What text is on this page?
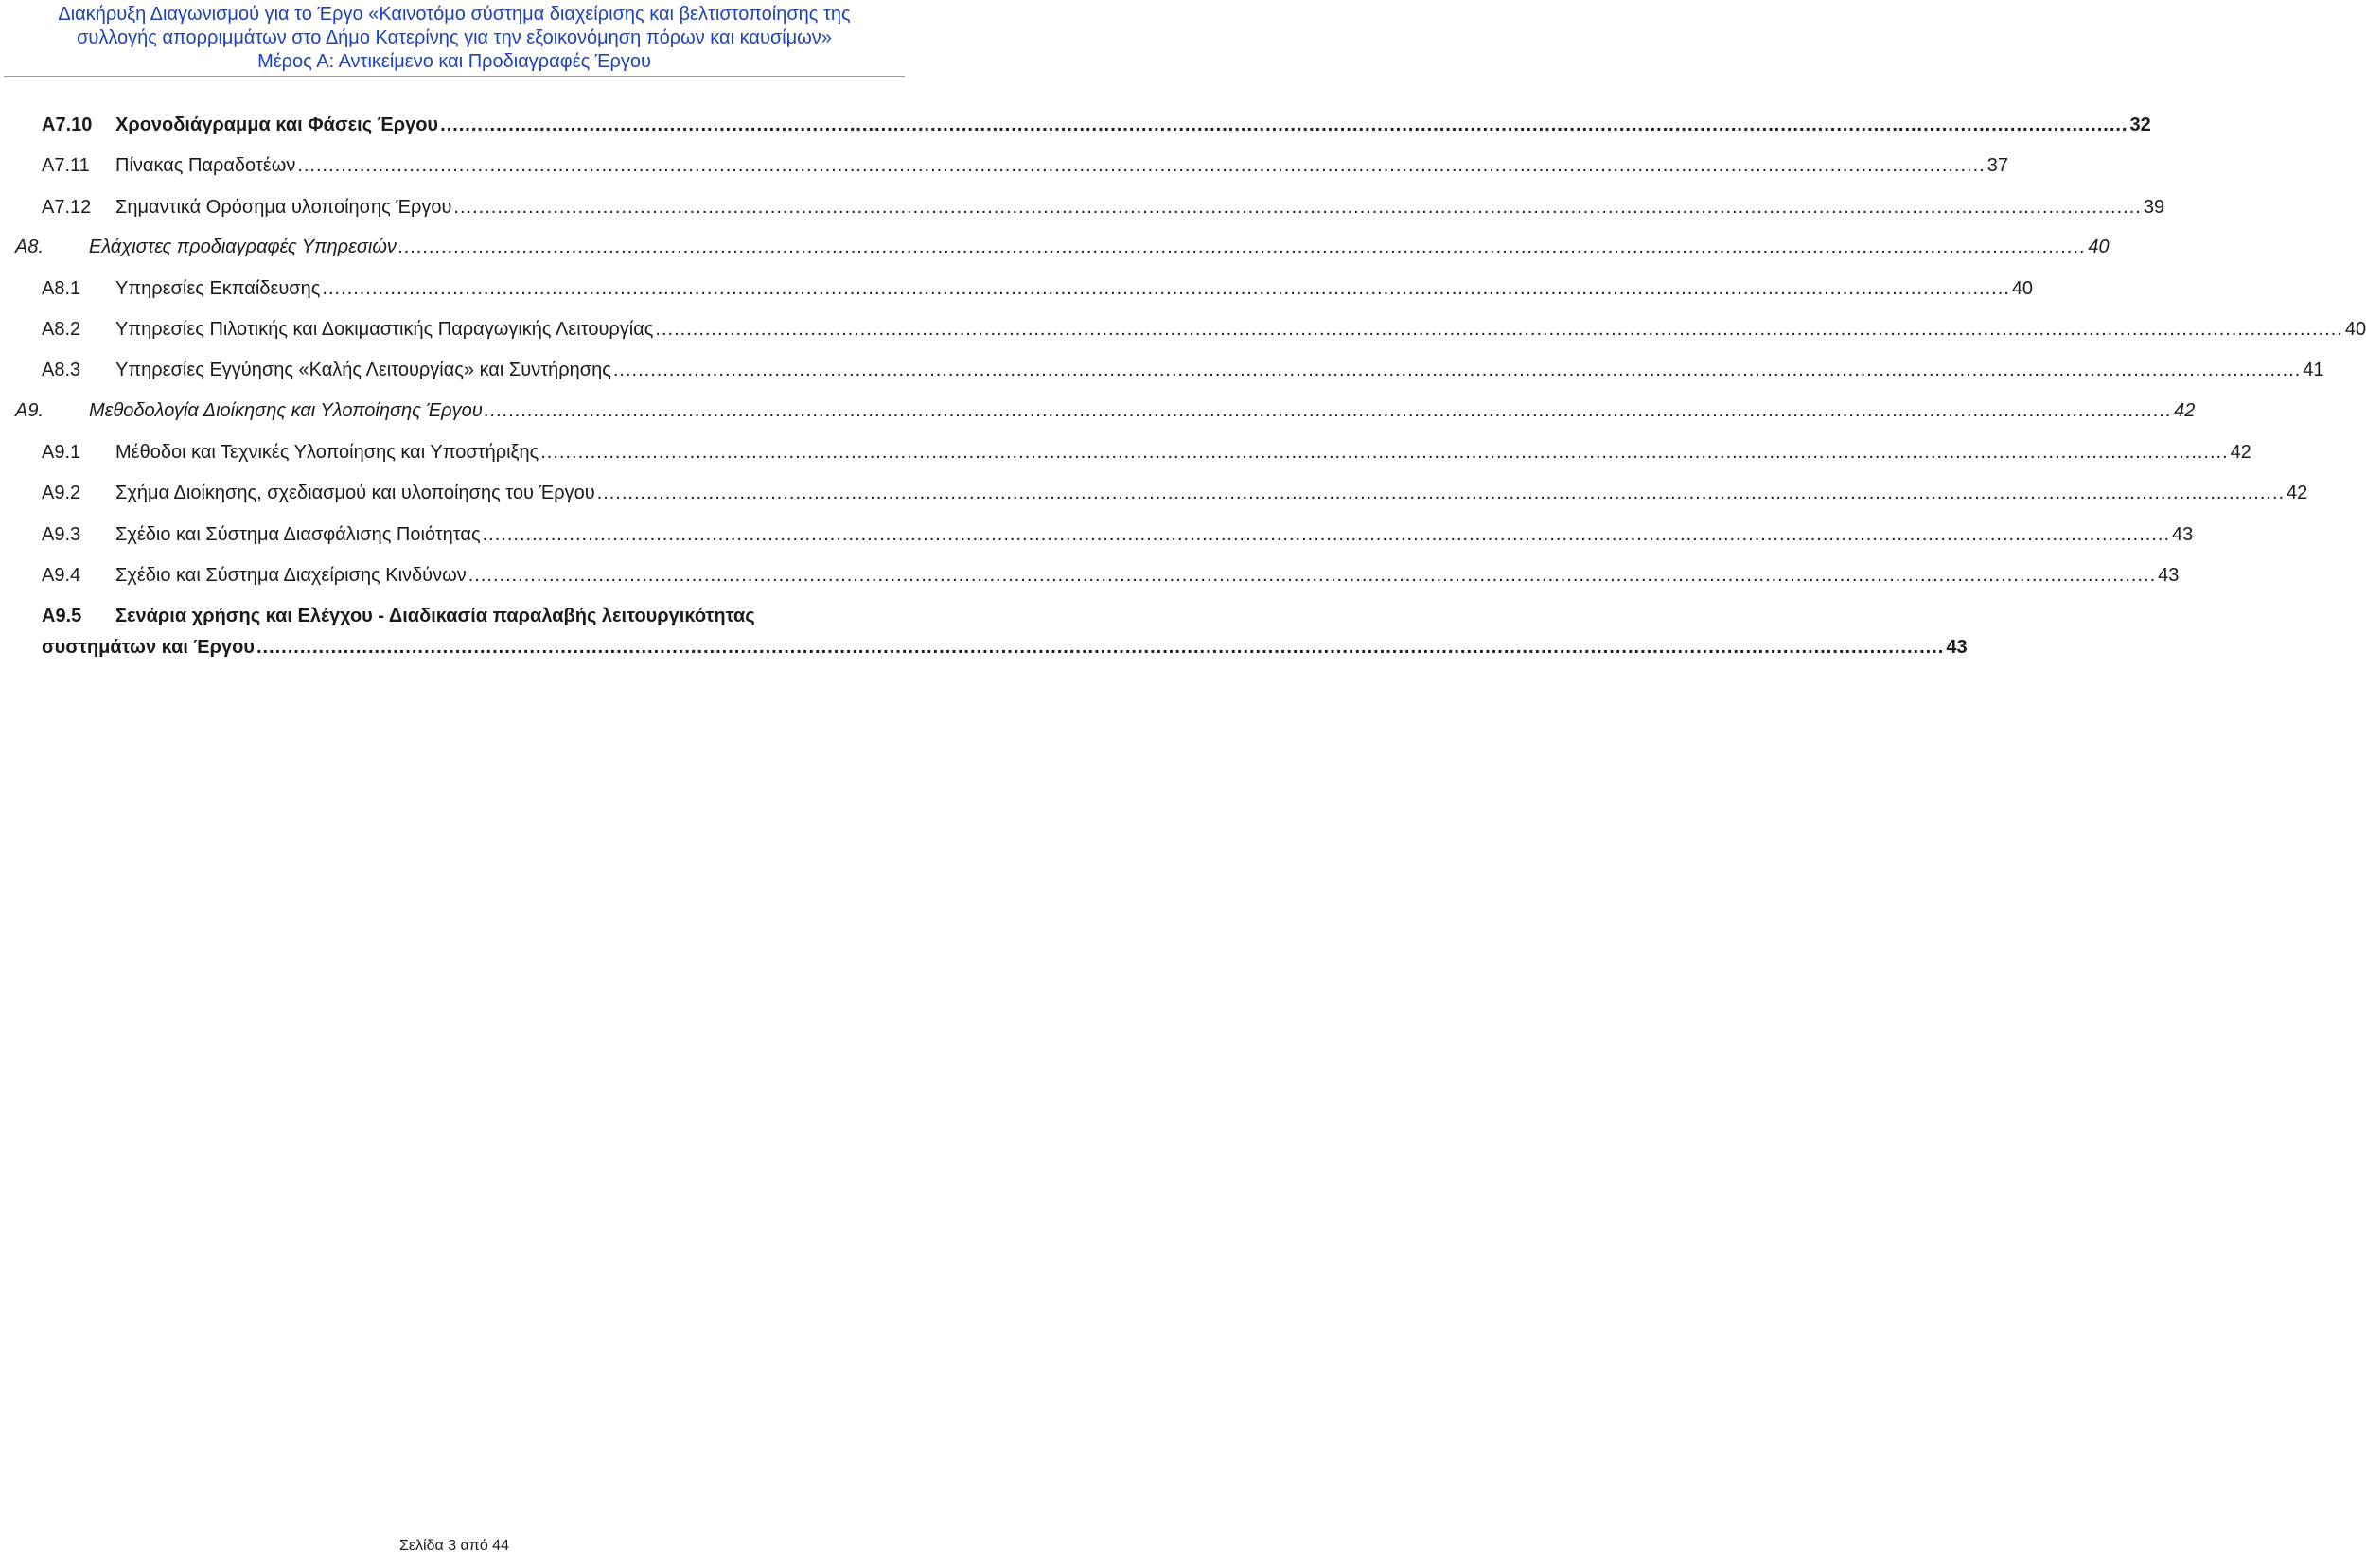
Διακήρυξη Διαγωνισμού για το Έργο «Καινοτόμο σύστημα διαχείρισης και βελτιστοποίησης της
συλλογής απορριμμάτων στο Δήμο Κατερίνης για την εξοικονόμηση πόρων και καυσίμων»
Μέρος Α: Αντικείμενο και Προδιαγραφές Έργου
Α7.10	Χρονοδιάγραμμα και Φάσεις Έργου .....	32
Α7.11	Πίνακας Παραδοτέων .....	37
Α7.12	Σημαντικά Ορόσημα υλοποίησης Έργου .....	39
Α8.	Ελάχιστες προδιαγραφές Υπηρεσιών .....	40
Α8.1	Υπηρεσίες Εκπαίδευσης .....	40
Α8.2	Υπηρεσίες Πιλοτικής και Δοκιμαστικής Παραγωγικής Λειτουργίας .....	40
Α8.3	Υπηρεσίες Εγγύησης «Καλής Λειτουργίας» και Συντήρησης .....	41
Α9.	Μεθοδολογία Διοίκησης και Υλοποίησης Έργου .....	42
Α9.1	Μέθοδοι και Τεχνικές Υλοποίησης και Υποστήριξης .....	42
Α9.2	Σχήμα Διοίκησης, σχεδιασμού και υλοποίησης του Έργου .....	42
Α9.3	Σχέδιο και Σύστημα Διασφάλισης Ποιότητας .....	43
Α9.4	Σχέδιο και Σύστημα Διαχείρισης Κινδύνων .....	43
Α9.5 Σενάρια χρήσης και Ελέγχου - Διαδικασία παραλαβής λειτουργικότητας
συστημάτων και Έργου .....	43
Σελίδα 3 από 44
